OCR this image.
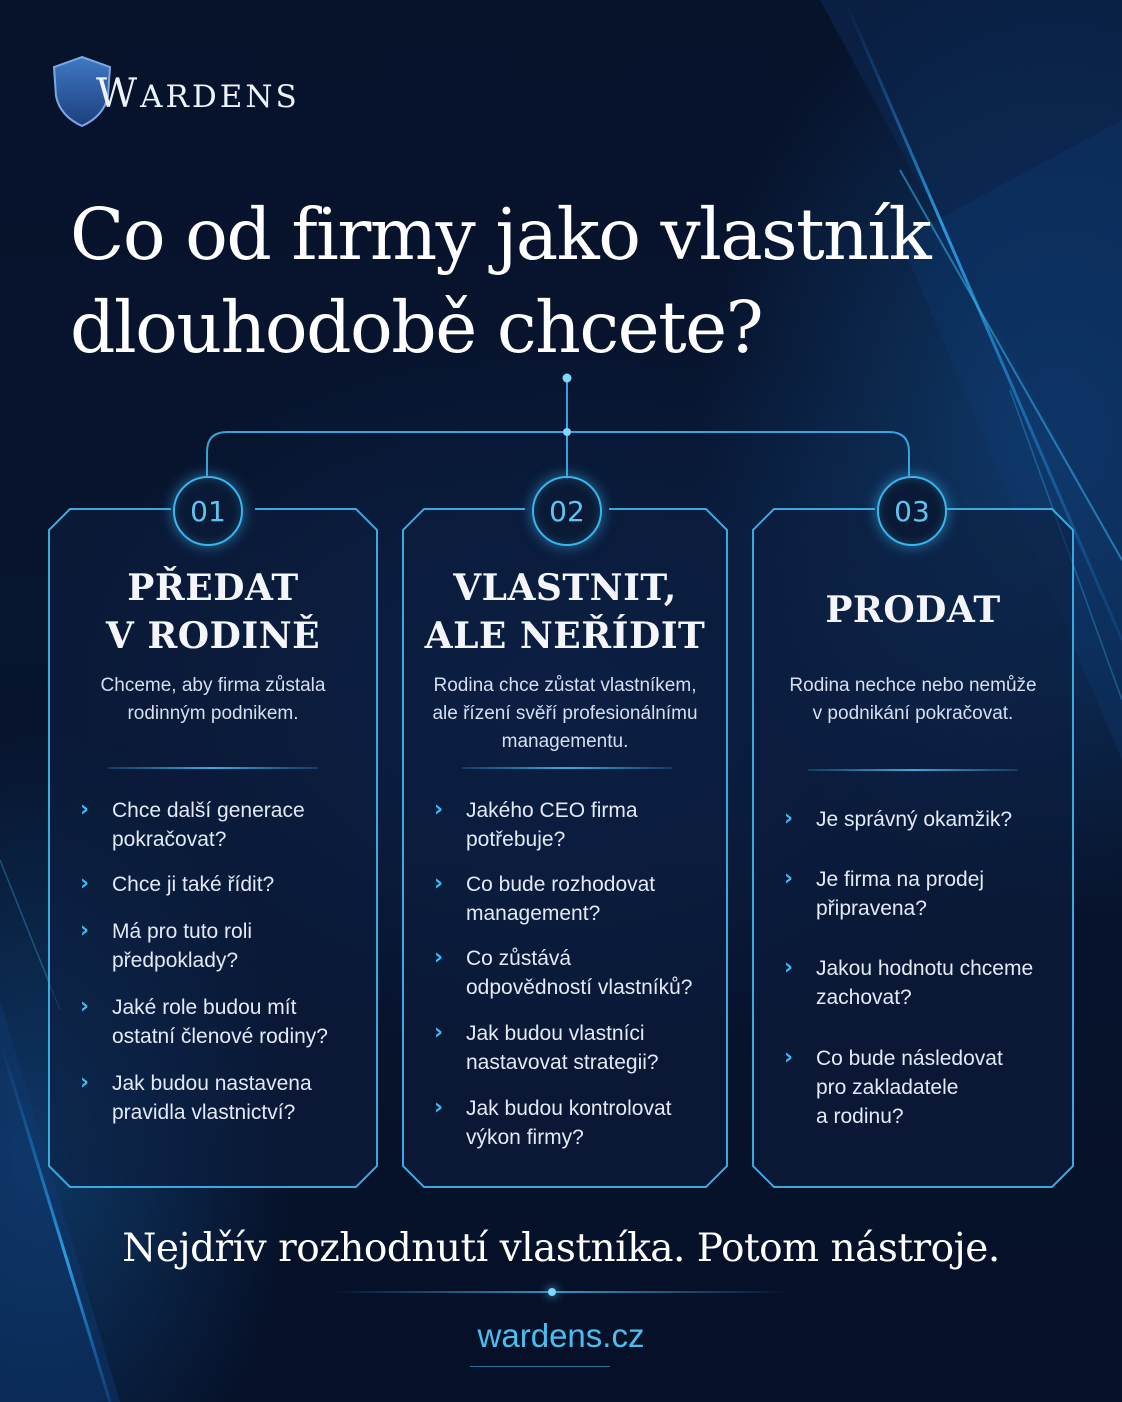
WARDENS
Co od firmy jako vlastník
dlouhodobě chcete?
01
PŘEDAT
V RODINĚ
Chceme, aby firma zůstala
rodinným podnikem.
›	Chce další generace
pokračovat?
›	Chce ji také řídit?
›	Má pro tuto roli
předpoklady?
›	Jaké role budou mít
ostatní členové rodiny?
›	Jak budou nastavena
pravidla vlastnictví?
02
VLASTNIT,
ALE NEŘÍDIT
Rodina chce zůstat vlastníkem,
ale řízení svěří profesionálnímu
managementu.
›	Jakého CEO firma
potřebuje?
›	Co bude rozhodovat
management?
›	Co zůstává
odpovědností vlastníků?
›	Jak budou vlastníci
nastavovat strategii?
›	Jak budou kontrolovat
výkon firmy?
03
PRODAT
Rodina nechce nebo nemůže
v podnikání pokračovat.
›	Je správný okamžik?
›	Je firma na prodej
připravena?
›	Jakou hodnotu chceme
zachovat?
›	Co bude následovat
pro zakladatele
a rodinu?

Nejdřív rozhodnutí vlastníka. Potom nástroje.

wardens.cz
